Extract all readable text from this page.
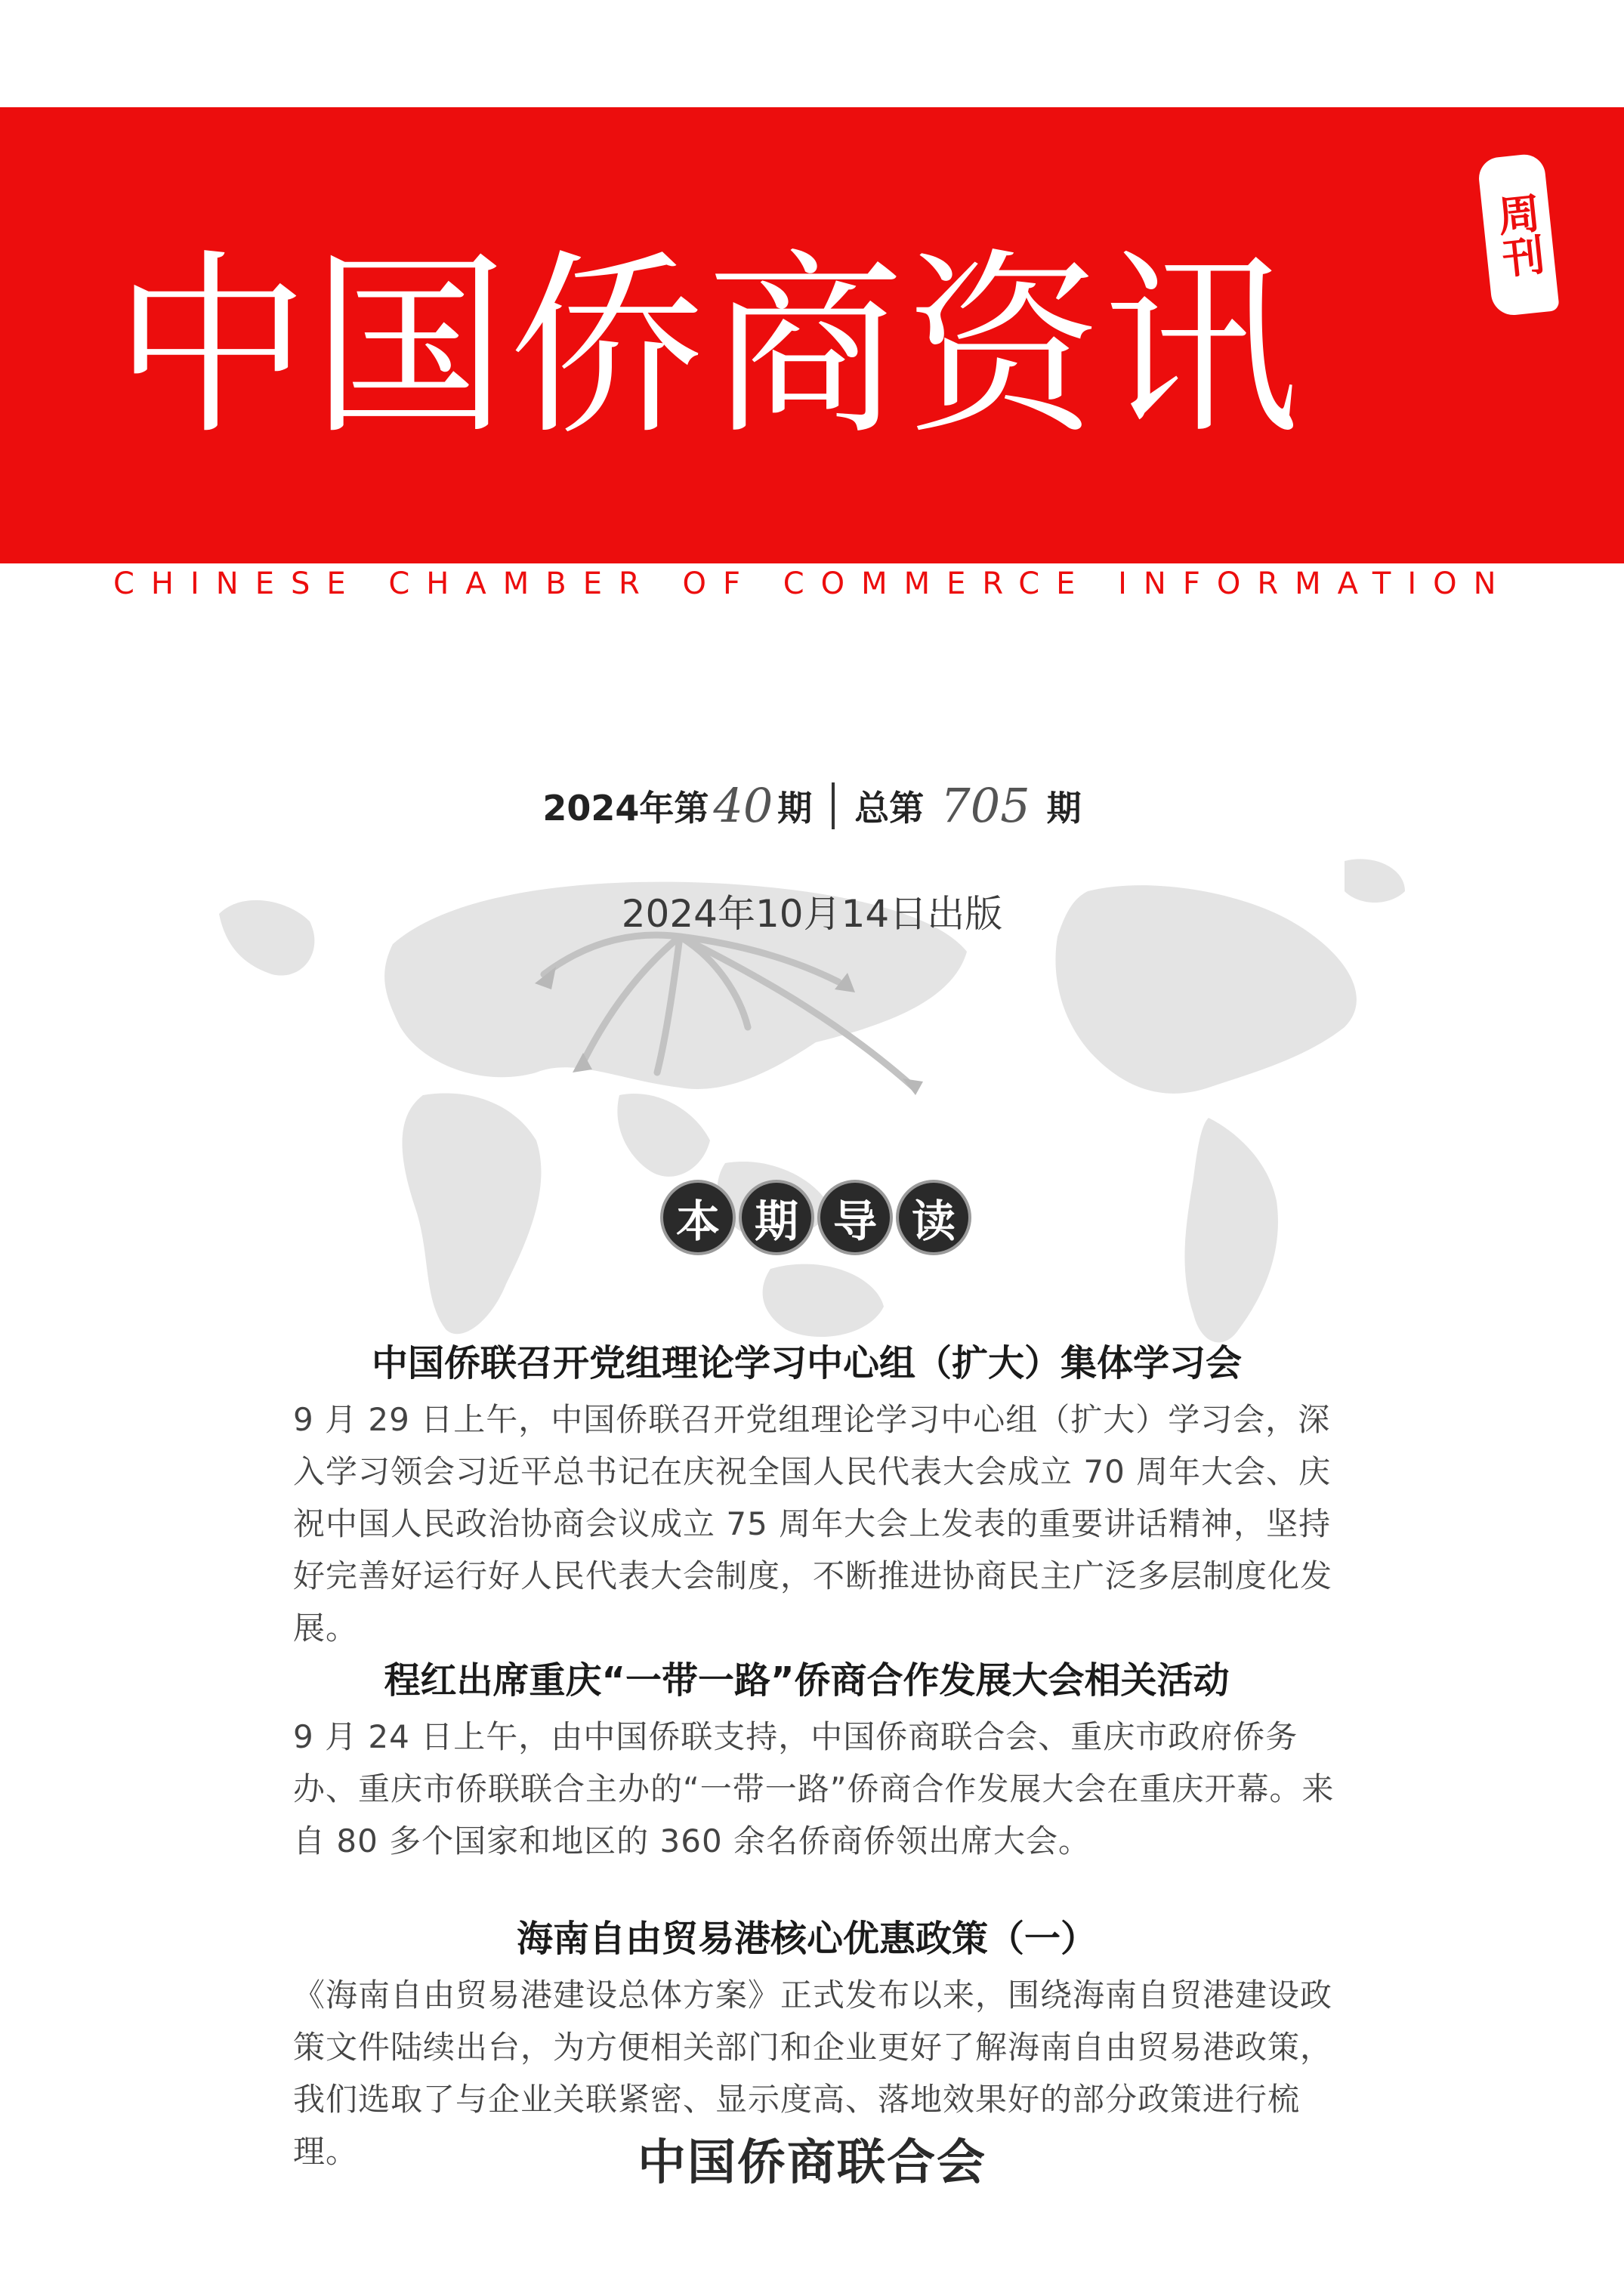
中国侨商资讯	周刊
CHINESE CHAMBER OF COMMERCE INFORMATION
2024年第 40 期 总第 705 期
2024年10月14日出版
本 期 导 读
中国侨联召开党组理论学习中心组（扩大）集体学习会

9 月 29 日上午，中国侨联召开党组理论学习中心组（扩大）学习会，深入学习领会习近平总书记在庆祝全国人民代表大会成立 70 周年大会、庆祝中国人民政治协商会议成立 75 周年大会上发表的重要讲话精神，坚持好完善好运行好人民代表大会制度，不断推进协商民主广泛多层制度化发展。

程红出席重庆“一带一路”侨商合作发展大会相关活动

9 月 24 日上午，由中国侨联支持，中国侨商联合会、重庆市政府侨务办、重庆市侨联联合主办的“一带一路”侨商合作发展大会在重庆开幕。来自 80 多个国家和地区的 360 余名侨商侨领出席大会。

海南自由贸易港核心优惠政策（一）

《海南自由贸易港建设总体方案》正式发布以来，围绕海南自贸港建设政策文件陆续出台，为方便相关部门和企业更好了解海南自由贸易港政策，我们选取了与企业关联紧密、显示度高、落地效果好的部分政策进行梳理。	中国侨商联合会
